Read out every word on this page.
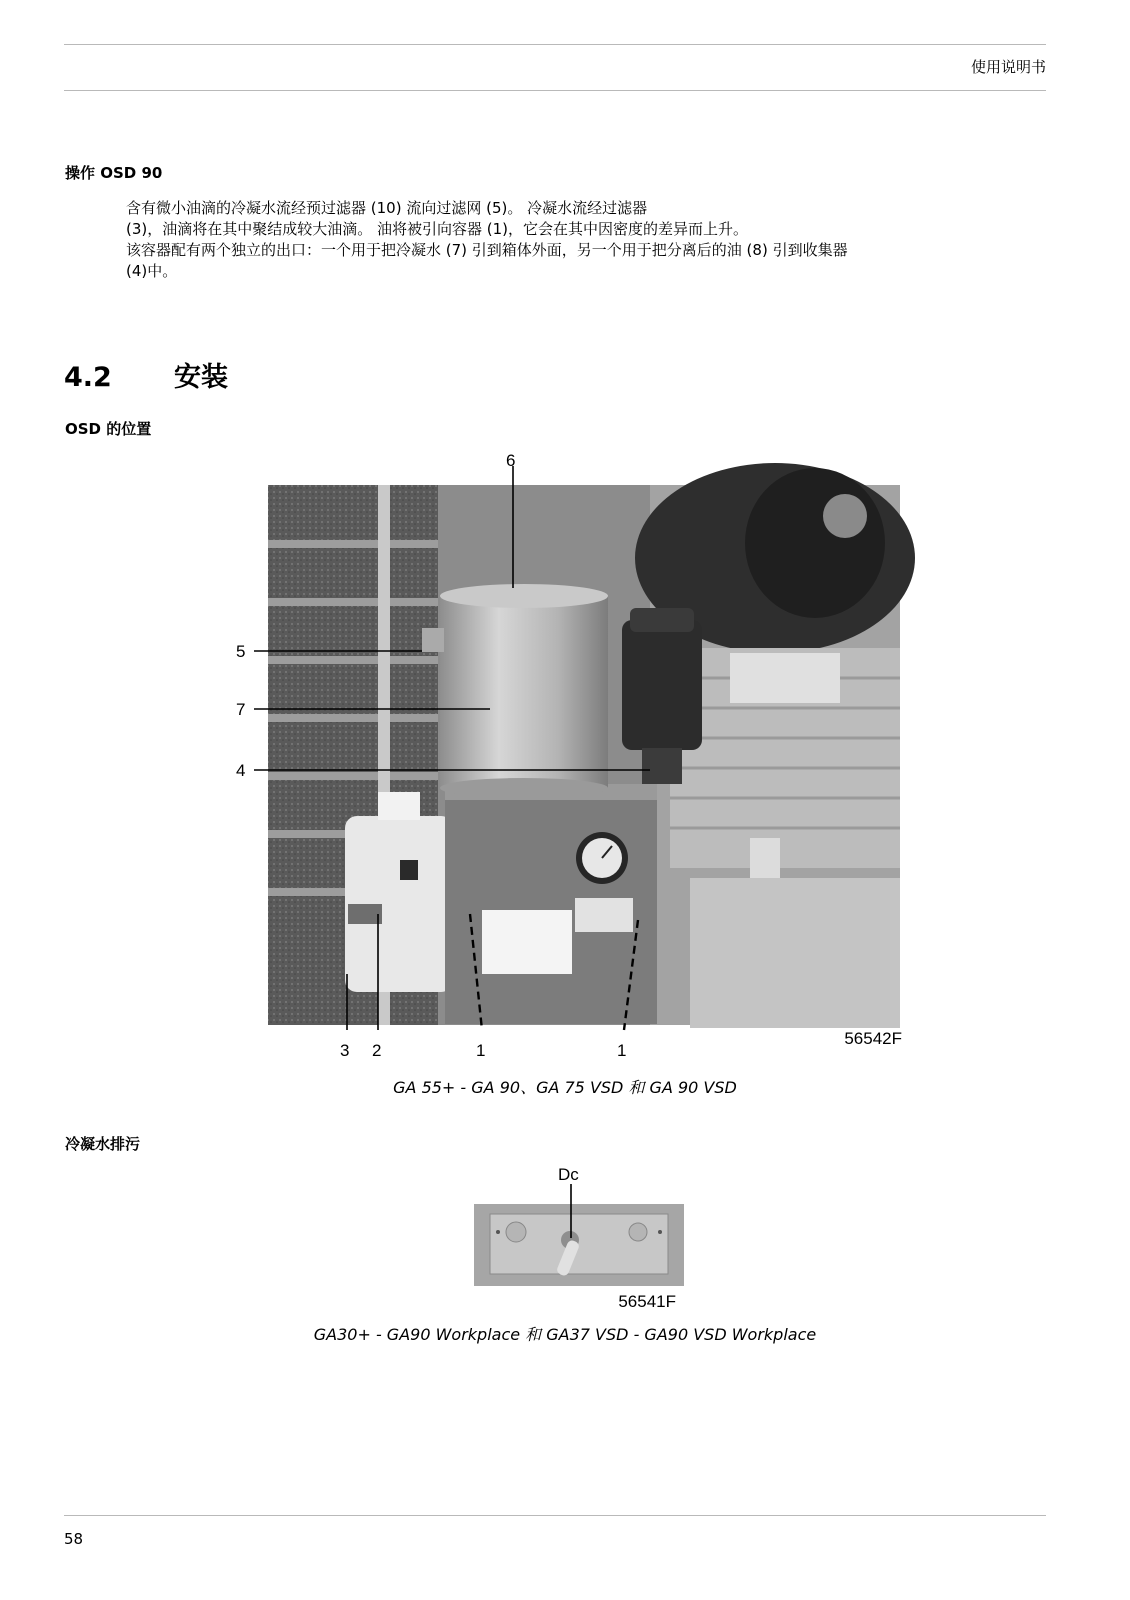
使用说明书
操作 OSD 90

含有微小油滴的冷凝水流经预过滤器 (10) 流向过滤网 (5)。 冷凝水流经过滤器

(3)，油滴将在其中聚结成较大油滴。 油将被引向容器 (1)，它会在其中因密度的差异而上升。

该容器配有两个独立的出口：一个用于把冷凝水 (7) 引到箱体外面，另一个用于把分离后的油 (8) 引到收集器

(4)中。

4.2 安装
OSD 的位置
6
5
7
4
3 2	1	1
56542F
GA 55+ - GA 90、GA 75 VSD 和 GA 90 VSD
冷凝水排污
Dc
56541F
GA30+ - GA90 Workplace 和 GA37 VSD - GA90 VSD Workplace
58
